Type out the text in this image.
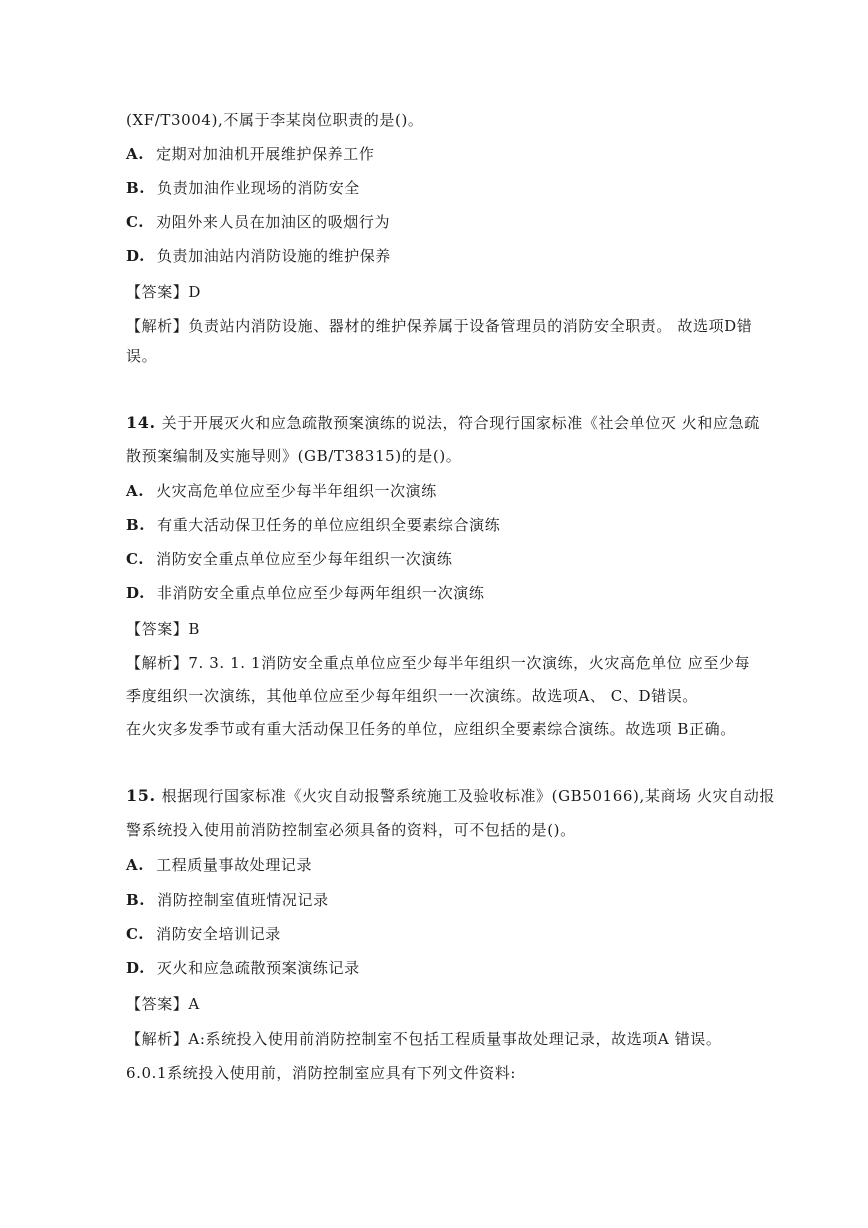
(XF/T3004),不属于李某岗位职责的是()。
A. 定期对加油机开展维护保养工作
B. 负责加油作业现场的消防安全
C. 劝阻外来人员在加油区的吸烟行为
D. 负责加油站内消防设施的维护保养
【答案】D
【解析】负责站内消防设施、器材的维护保养属于设备管理员的消防安全职责。 故选项D错
误。
14. 关于开展灭火和应急疏散预案演练的说法，符合现行国家标准《社会单位灭 火和应急疏
散预案编制及实施导则》(GB/T38315)的是()。
A. 火灾高危单位应至少每半年组织一次演练
B. 有重大活动保卫任务的单位应组织全要素综合演练
C. 消防安全重点单位应至少每年组织一次演练
D. 非消防安全重点单位应至少每两年组织一次演练
【答案】B
【解析】7. 3. 1. 1消防安全重点单位应至少每半年组织一次演练，火灾高危单位 应至少每
季度组织一次演练，其他单位应至少每年组织一一次演练。故选项A、 C、D错误。
在火灾多发季节或有重大活动保卫任务的单位，应组织全要素综合演练。故选项 B正确。
15. 根据现行国家标准《火灾自动报警系统施工及验收标准》(GB50166),某商场 火灾自动报
警系统投入使用前消防控制室必须具备的资料，可不包括的是()。
A. 工程质量事故处理记录
B. 消防控制室值班情况记录
C. 消防安全培训记录
D. 灭火和应急疏散预案演练记录
【答案】A
【解析】A:系统投入使用前消防控制室不包括工程质量事故处理记录，故选项A 错误。
6.0.1系统投入使用前，消防控制室应具有下列文件资料:
